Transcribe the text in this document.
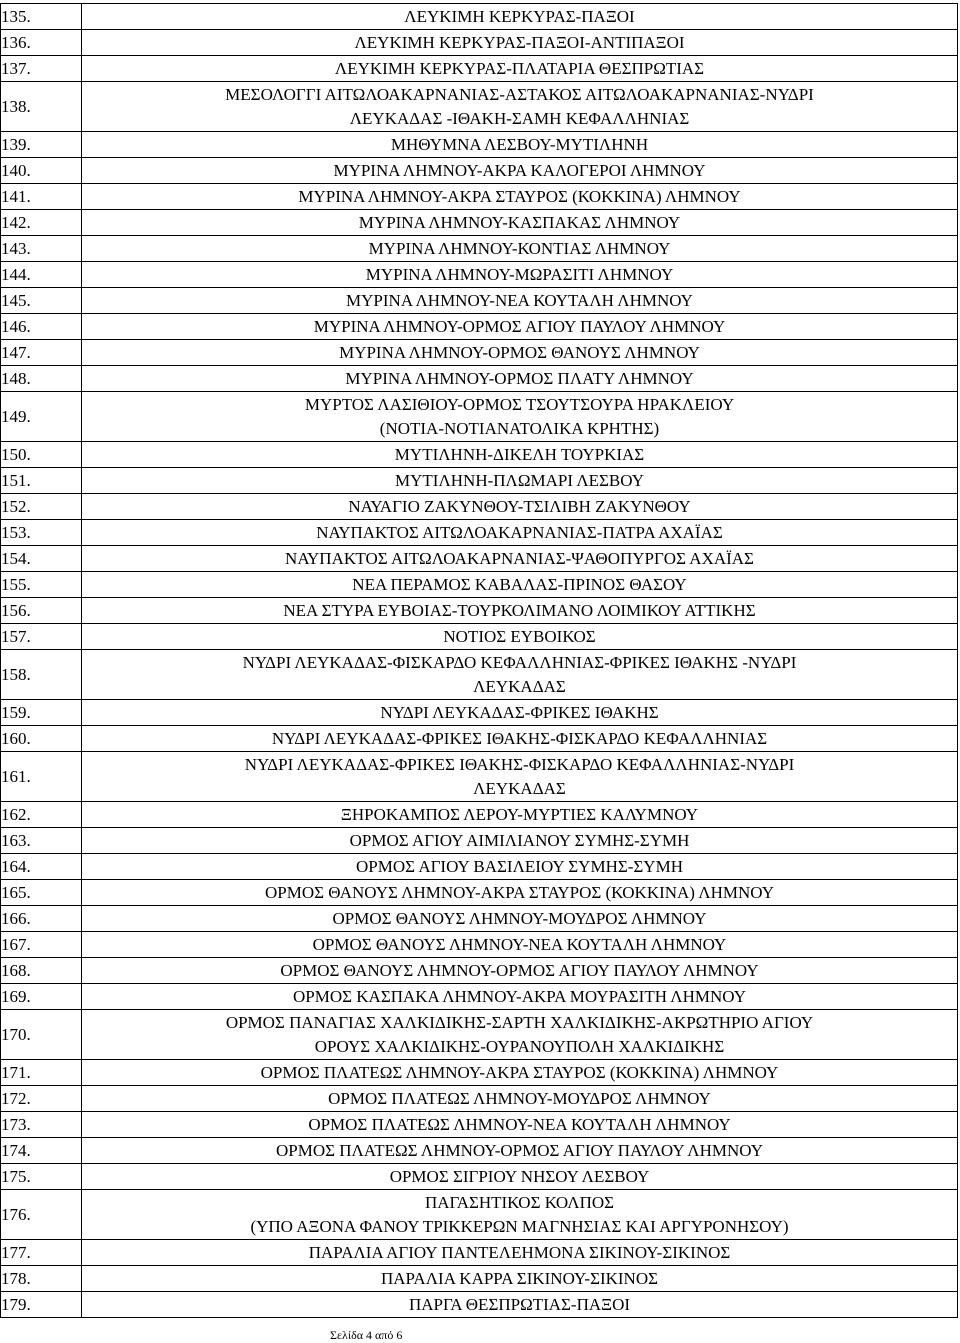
135.	ΛΕΥΚΙΜΗ ΚΕΡΚΥΡΑΣ-ΠΑΞΟΙ

136.	ΛΕΥΚΙΜΗ ΚΕΡΚΥΡΑΣ-ΠΑΞΟΙ-ΑΝΤΙΠΑΞΟΙ

137.	ΛΕΥΚΙΜΗ ΚΕΡΚΥΡΑΣ-ΠΛΑΤΑΡΙΑ ΘΕΣΠΡΩΤΙΑΣ

138.	ΜΕΣΟΛΟΓΓΙ ΑΙΤΩΛΟΑΚΑΡΝΑΝΙΑΣ-ΑΣΤΑΚΟΣ ΑΙΤΩΛΟΑΚΑΡΝΑΝΙΑΣ-ΝΥΔΡΙ
ΛΕΥΚΑΔΑΣ -ΙΘΑΚΗ-ΣΑΜΗ ΚΕΦΑΛΛΗΝΙΑΣ

139.	ΜΗΘΥΜΝΑ ΛΕΣΒΟΥ-ΜΥΤΙΛΗΝΗ

140.	ΜΥΡΙΝΑ ΛΗΜΝΟΥ-ΑΚΡΑ ΚΑΛΟΓΕΡΟΙ ΛΗΜΝΟΥ

141.	ΜΥΡΙΝΑ ΛΗΜΝΟΥ-ΑΚΡΑ ΣΤΑΥΡΟΣ (ΚΟΚΚΙΝΑ) ΛΗΜΝΟΥ

142.	ΜΥΡΙΝΑ ΛΗΜΝΟΥ-ΚΑΣΠΑΚΑΣ ΛΗΜΝΟΥ

143.	ΜΥΡΙΝΑ ΛΗΜΝΟΥ-ΚΟΝΤΙΑΣ ΛΗΜΝΟΥ

144.	ΜΥΡΙΝΑ ΛΗΜΝΟΥ-ΜΩΡΑΣΙΤΙ ΛΗΜΝΟΥ

145.	ΜΥΡΙΝΑ ΛΗΜΝΟΥ-ΝΕΑ ΚΟΥΤΑΛΗ ΛΗΜΝΟΥ

146.	ΜΥΡΙΝΑ ΛΗΜΝΟΥ-ΟΡΜΟΣ ΑΓΙΟΥ ΠΑΥΛΟΥ ΛΗΜΝΟΥ

147.	ΜΥΡΙΝΑ ΛΗΜΝΟΥ-ΟΡΜΟΣ ΘΑΝΟΥΣ ΛΗΜΝΟΥ

148.	ΜΥΡΙΝΑ ΛΗΜΝΟΥ-ΟΡΜΟΣ ΠΛΑΤΥ ΛΗΜΝΟΥ

149.	ΜΥΡΤΟΣ ΛΑΣΙΘΙΟΥ-ΟΡΜΟΣ ΤΣΟΥΤΣΟΥΡΑ ΗΡΑΚΛΕΙΟΥ
(ΝΟΤΙΑ-ΝΟΤΙΑΝΑΤΟΛΙΚΑ ΚΡΗΤΗΣ)

150.	ΜΥΤΙΛΗΝΗ-ΔΙΚΕΛΗ ΤΟΥΡΚΙΑΣ

151.	ΜΥΤΙΛΗΝΗ-ΠΛΩΜΑΡΙ ΛΕΣΒΟΥ

152.	ΝΑΥΑΓΙΟ ΖΑΚΥΝΘΟΥ-ΤΣΙΛΙΒΗ ΖΑΚΥΝΘΟΥ

153.	ΝΑΥΠΑΚΤΟΣ ΑΙΤΩΛΟΑΚΑΡΝΑΝΙΑΣ-ΠΑΤΡΑ ΑΧΑΪΑΣ

154.	ΝΑΥΠΑΚΤΟΣ ΑΙΤΩΛΟΑΚΑΡΝΑΝΙΑΣ-ΨΑΘΟΠΥΡΓΟΣ ΑΧΑΪΑΣ

155.	ΝΕΑ ΠΕΡΑΜΟΣ ΚΑΒΑΛΑΣ-ΠΡΙΝΟΣ ΘΑΣΟΥ

156.	ΝΕΑ ΣΤΥΡΑ ΕΥΒΟΙΑΣ-ΤΟΥΡΚΟΛΙΜΑΝΟ ΛΟΙΜΙΚΟΥ ΑΤΤΙΚΗΣ

157.	ΝΟΤΙΟΣ ΕΥΒΟΙΚΟΣ

158.	ΝΥΔΡΙ ΛΕΥΚΑΔΑΣ-ΦΙΣΚΑΡΔΟ ΚΕΦΑΛΛΗΝΙΑΣ-ΦΡΙΚΕΣ ΙΘΑΚΗΣ -ΝΥΔΡΙ
ΛΕΥΚΑΔΑΣ

159.	ΝΥΔΡΙ ΛΕΥΚΑΔΑΣ-ΦΡΙΚΕΣ ΙΘΑΚΗΣ

160.	ΝΥΔΡΙ ΛΕΥΚΑΔΑΣ-ΦΡΙΚΕΣ ΙΘΑΚΗΣ-ΦΙΣΚΑΡΔΟ ΚΕΦΑΛΛΗΝΙΑΣ

161.	ΝΥΔΡΙ ΛΕΥΚΑΔΑΣ-ΦΡΙΚΕΣ ΙΘΑΚΗΣ-ΦΙΣΚΑΡΔΟ ΚΕΦΑΛΛΗΝΙΑΣ-ΝΥΔΡΙ
ΛΕΥΚΑΔΑΣ

162.	ΞΗΡΟΚΑΜΠΟΣ ΛΕΡΟΥ-ΜΥΡΤΙΕΣ ΚΑΛΥΜΝΟΥ

163.	ΟΡΜΟΣ ΑΓΙΟΥ ΑΙΜΙΛΙΑΝΟΥ ΣΥΜΗΣ-ΣΥΜΗ

164.	ΟΡΜΟΣ ΑΓΙΟΥ ΒΑΣΙΛΕΙΟΥ ΣΥΜΗΣ-ΣΥΜΗ

165.	ΟΡΜΟΣ ΘΑΝΟΥΣ ΛΗΜΝΟΥ-ΑΚΡΑ ΣΤΑΥΡΟΣ (ΚΟΚΚΙΝΑ) ΛΗΜΝΟΥ

166.	ΟΡΜΟΣ ΘΑΝΟΥΣ ΛΗΜΝΟΥ-ΜΟΥΔΡΟΣ ΛΗΜΝΟΥ

167.	ΟΡΜΟΣ ΘΑΝΟΥΣ ΛΗΜΝΟΥ-ΝΕΑ ΚΟΥΤΑΛΗ ΛΗΜΝΟΥ

168.	ΟΡΜΟΣ ΘΑΝΟΥΣ ΛΗΜΝΟΥ-ΟΡΜΟΣ ΑΓΙΟΥ ΠΑΥΛΟΥ ΛΗΜΝΟΥ

169.	ΟΡΜΟΣ ΚΑΣΠΑΚΑ ΛΗΜΝΟΥ-ΑΚΡΑ ΜΟΥΡΑΣΙΤΗ ΛΗΜΝΟΥ

170.	ΟΡΜΟΣ ΠΑΝΑΓΙΑΣ ΧΑΛΚΙΔΙΚΗΣ-ΣΑΡΤΗ ΧΑΛΚΙΔΙΚΗΣ-ΑΚΡΩΤΗΡΙΟ ΑΓΙΟΥ
ΟΡΟΥΣ ΧΑΛΚΙΔΙΚΗΣ-ΟΥΡΑΝΟΥΠΟΛΗ ΧΑΛΚΙΔΙΚΗΣ

171.	ΟΡΜΟΣ ΠΛΑΤΕΩΣ ΛΗΜΝΟΥ-ΑΚΡΑ ΣΤΑΥΡΟΣ (ΚΟΚΚΙΝΑ) ΛΗΜΝΟΥ

172.	ΟΡΜΟΣ ΠΛΑΤΕΩΣ ΛΗΜΝΟΥ-ΜΟΥΔΡΟΣ ΛΗΜΝΟΥ

173.	ΟΡΜΟΣ ΠΛΑΤΕΩΣ ΛΗΜΝΟΥ-ΝΕΑ ΚΟΥΤΑΛΗ ΛΗΜΝΟΥ

174.	ΟΡΜΟΣ ΠΛΑΤΕΩΣ ΛΗΜΝΟΥ-ΟΡΜΟΣ ΑΓΙΟΥ ΠΑΥΛΟΥ ΛΗΜΝΟΥ

175.	ΟΡΜΟΣ ΣΙΓΡΙΟΥ ΝΗΣΟΥ ΛΕΣΒΟΥ

176.	ΠΑΓΑΣΗΤΙΚΟΣ ΚΟΛΠΟΣ
(ΥΠΟ ΑΞΟΝΑ ΦΑΝΟΥ ΤΡΙΚΚΕΡΩΝ ΜΑΓΝΗΣΙΑΣ ΚΑΙ ΑΡΓΥΡΟΝΗΣΟΥ)

177.	ΠΑΡΑΛΙΑ ΑΓΙΟΥ ΠΑΝΤΕΛΕΗΜΟΝΑ ΣΙΚΙΝΟΥ-ΣΙΚΙΝΟΣ

178.	ΠΑΡΑΛΙΑ ΚΑΡΡΑ ΣΙΚΙΝΟΥ-ΣΙΚΙΝΟΣ

179.	ΠΑΡΓΑ ΘΕΣΠΡΩΤΙΑΣ-ΠΑΞΟΙ
Σελίδα 4 από 6
